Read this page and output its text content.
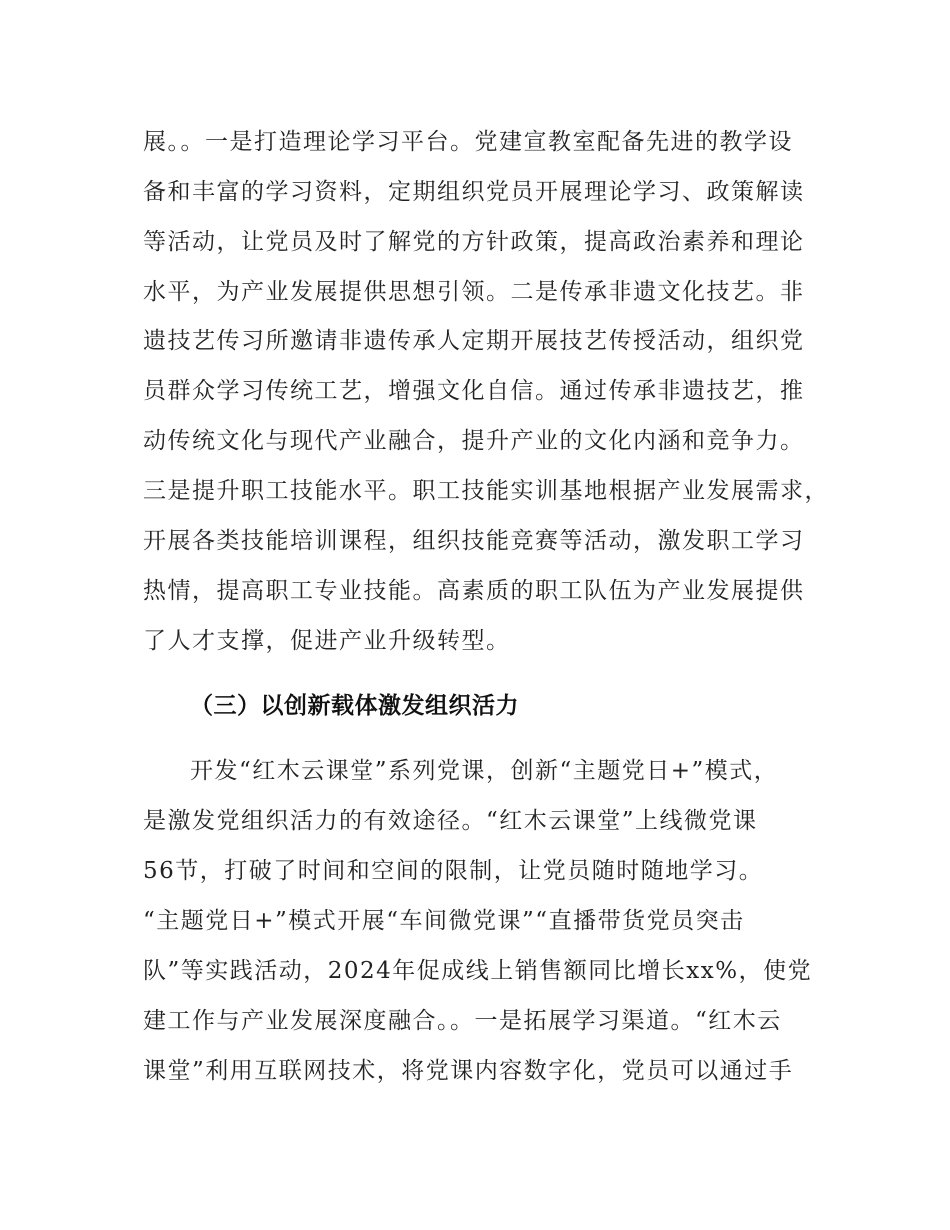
展。。一是打造理论学习平台。党建宣教室配备先进的教学设
备和丰富的学习资料，定期组织党员开展理论学习、政策解读
等活动，让党员及时了解党的方针政策，提高政治素养和理论
水平，为产业发展提供思想引领。二是传承非遗文化技艺。非
遗技艺传习所邀请非遗传承人定期开展技艺传授活动，组织党
员群众学习传统工艺，增强文化自信。通过传承非遗技艺，推
动传统文化与现代产业融合，提升产业的文化内涵和竞争力。
三是提升职工技能水平。职工技能实训基地根据产业发展需求，
开展各类技能培训课程，组织技能竞赛等活动，激发职工学习
热情，提高职工专业技能。高素质的职工队伍为产业发展提供
了人才支撑，促进产业升级转型。
（三）以创新载体激发组织活力
开发“红木云课堂”系列党课，创新“主题党日+”模式，
是激发党组织活力的有效途径。“红木云课堂”上线微党课
56节，打破了时间和空间的限制，让党员随时随地学习。
“主题党日+”模式开展“车间微党课”“直播带货党员突击
队”等实践活动，2024年促成线上销售额同比增长xx%，使党
建工作与产业发展深度融合。。一是拓展学习渠道。“红木云
课堂”利用互联网技术，将党课内容数字化，党员可以通过手
